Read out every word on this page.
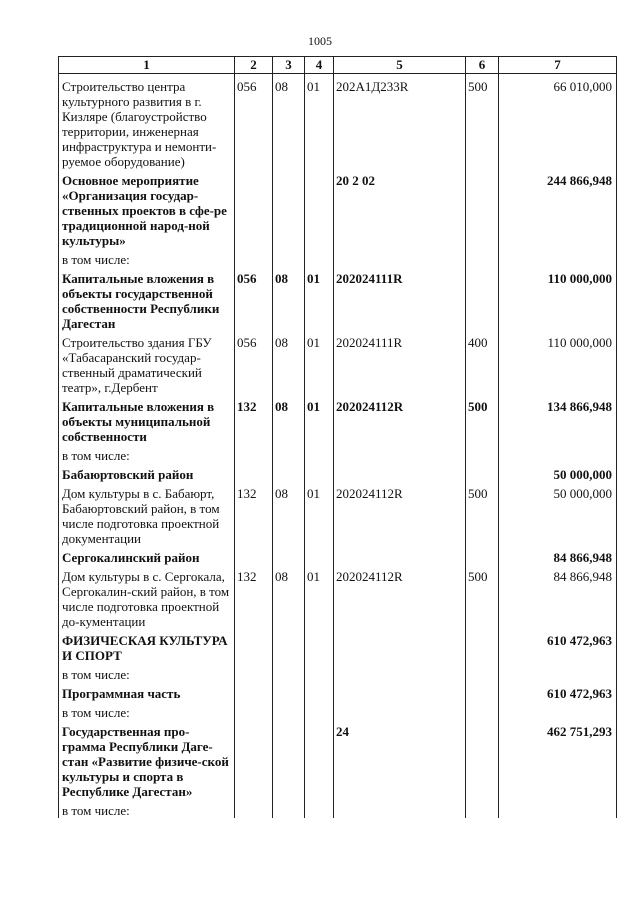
1005
1	2	3	4	5	6	7
Строительство центра культурного развития в г. Кизляре (благоустройство территории, инженерная инфраструктура и немонти-руемое оборудование)	056	08	01	202А1Д233R	500	66 010,000

Основное мероприятие «Организация государ-ственных проектов в сфе-ре традиционной народ-ной культуры»				20 2 02		244 866,948

в том числе:						

Капитальные вложения в объекты государственной собственности Республики Дагестан	056	08	01	202024111R		110 000,000

Строительство здания ГБУ «Табасаранский государ-ственный драматический театр», г.Дербент	056	08	01	202024111R	400	110 000,000

Капитальные вложения в объекты муниципальной собственности	132	08	01	202024112R	500	134 866,948

в том числе:						

Бабаюртовский район						50 000,000

Дом культуры в с. Бабаюрт, Бабаюртовский район, в том числе подготовка проектной документации	132	08	01	202024112R	500	50 000,000

Сергокалинский район						84 866,948

Дом культуры в с. Сергокала, Сергокалин-ский район, в том числе подготовка проектной до-кументации	132	08	01	202024112R	500	84 866,948

ФИЗИЧЕСКАЯ КУЛЬТУРА И СПОРТ						610 472,963

в том числе:						

Программная часть						610 472,963

в том числе:						

Государственная про-грамма Республики Даге-стан «Развитие физиче-ской культуры и спорта в Республике Дагестан»				24		462 751,293

в том числе:						
